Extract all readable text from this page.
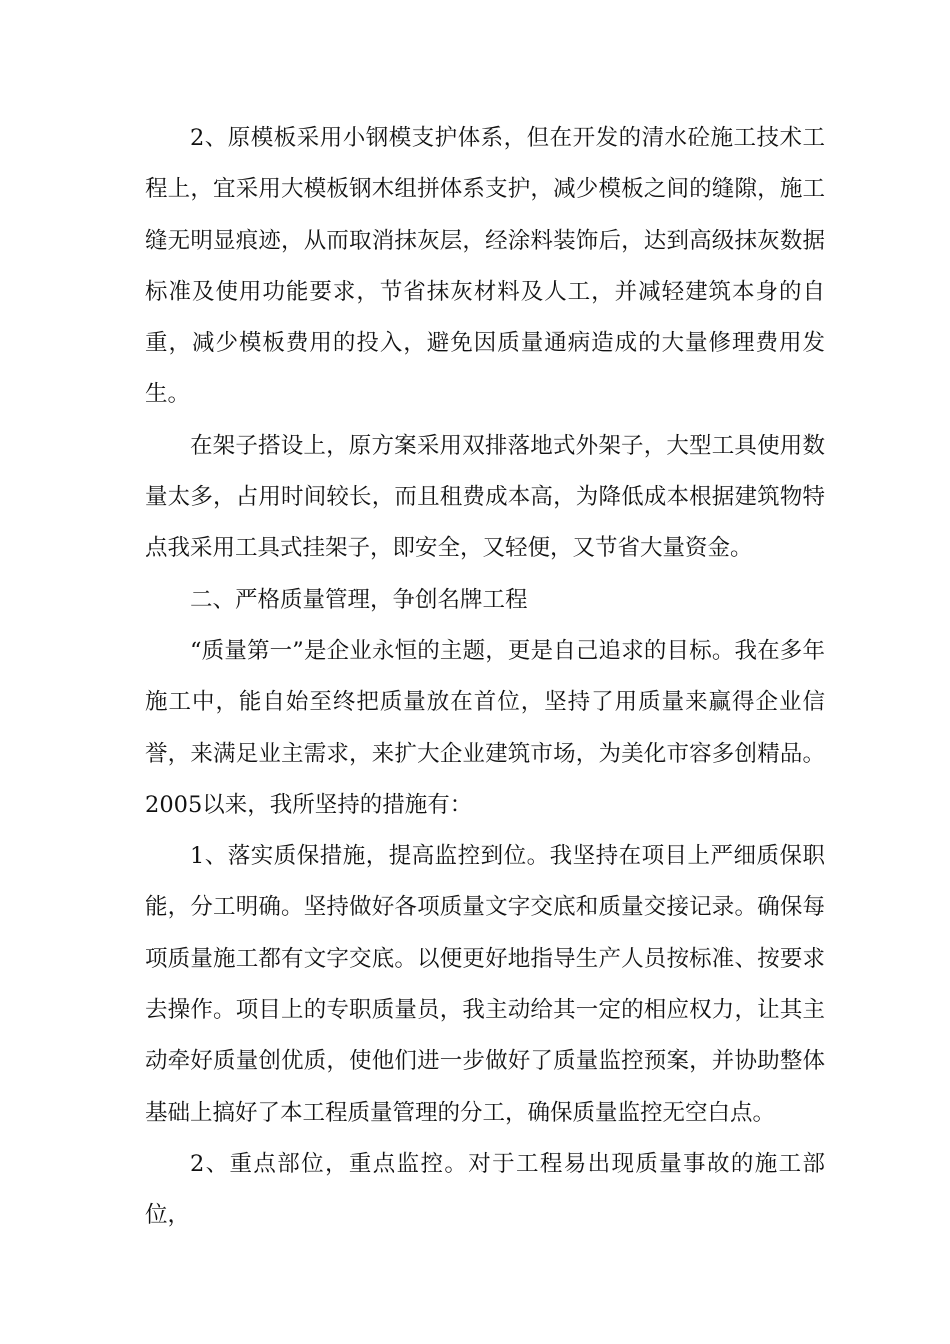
2、原模板采用小钢模支护体系，但在开发的清水砼施工技术工程上，宜采用大模板钢木组拼体系支护，减少模板之间的缝隙，施工缝无明显痕迹，从而取消抹灰层，经涂料装饰后，达到高级抹灰数据标准及使用功能要求，节省抹灰材料及人工，并减轻建筑本身的自重，减少模板费用的投入，避免因质量通病造成的大量修理费用发生。

在架子搭设上，原方案采用双排落地式外架子，大型工具使用数量太多，占用时间较长，而且租费成本高，为降低成本根据建筑物特点我采用工具式挂架子，即安全，又轻便，又节省大量资金。

二、严格质量管理，争创名牌工程

“质量第一”是企业永恒的主题，更是自己追求的目标。我在多年施工中，能自始至终把质量放在首位，坚持了用质量来赢得企业信誉，来满足业主需求，来扩大企业建筑市场，为美化市容多创精品。2005以来，我所坚持的措施有：

1、落实质保措施，提高监控到位。我坚持在项目上严细质保职能，分工明确。坚持做好各项质量文字交底和质量交接记录。确保每项质量施工都有文字交底。以便更好地指导生产人员按标准、按要求去操作。项目上的专职质量员，我主动给其一定的相应权力，让其主动牵好质量创优质，使他们进一步做好了质量监控预案，并协助整体基础上搞好了本工程质量管理的分工，确保质量监控无空白点。

2、重点部位，重点监控。对于工程易出现质量事故的施工部位，
